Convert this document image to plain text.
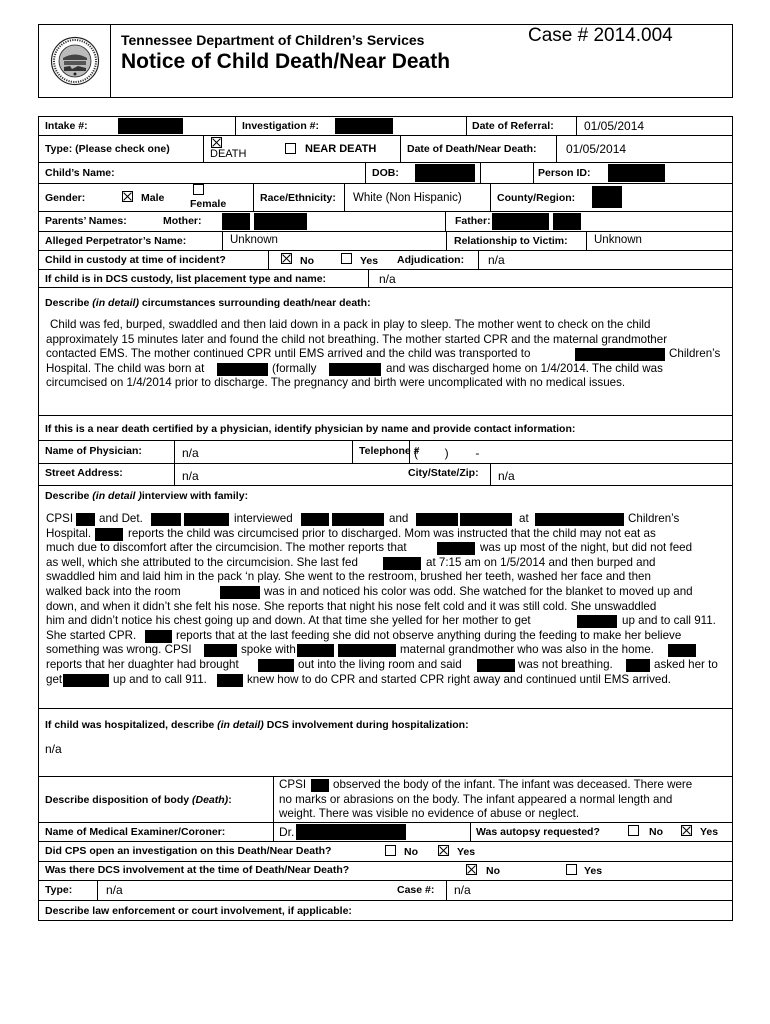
Tennessee Department of Children’s Services
Notice of Child Death/Near Death
Case # 2014.004
Intake #:	Investigation #:	Date of Referral:	01/05/2014
Type: (Please check one)	DEATH	NEAR DEATH	Date of Death/Near Death: 01/05/2014
Child’s Name:	DOB:	Person ID:
Gender:	Male Female	Race/Ethnicity: White (Non Hispanic)	County/Region:
Parents’ Names:	Mother:	Father:
Alleged Perpetrator’s Name:	Unknown	Relationship to Victim: Unknown
Child in custody at time of incident?	No	Yes Adjudication: n/a
If child is in DCS custody, list placement type and name:	n/a
Describe (in detail) circumstances surrounding death/near death:
Child was fed, burped, swaddled and then laid down in a pack in play to sleep. The mother went to check on the child
approximately 15 minutes later and found the child not breathing. The mother started CPR and the maternal grandmother
contacted EMS. The mother continued CPR until EMS arrived and the child was transported to	Children’s
Hospital. The child was born at	(formally	and was discharged home on 1/4/2014. The child was
circumcised on 1/4/2014 prior to discharge. The pregnancy and birth were uncomplicated with no medical issues.
If this is a near death certified by a physician, identify physician by name and provide contact information:
Name of Physician:	n/a	Telephone #
(        )        -
Street Address:	n/a	City/State/Zip: n/a
Describe (in detail )interview with family:
CPSI and Det.	interviewed	and	at	Children’s
Hospital.	reports the child was circumcised prior to discharged. Mom was instructed that the child may not eat as
much due to discomfort after the circumcision. The mother reports that	was up most of the night, but did not feed
as well, which she attributed to the circumcision. She last fed	at 7:15 am on 1/5/2014 and then burped and
swaddled him and laid him in the pack ‘n play. She went to the restroom, brushed her teeth, washed her face and then
walked back into the room	was in and noticed his color was odd. She watched for the blanket to moved up and
down, and when it didn’t she felt his nose. She reports that night his nose felt cold and it was still cold. She unswaddled
him and didn’t notice his chest going up and down. At that time she yelled for her mother to get	up and to call 911.
She started CPR.	reports that at the last feeding she did not observe anything during the feeding to make her believe
something was wrong. CPSI	spoke with	maternal grandmother who was also in the home.
reports that her duaghter had brought	out into the living room and said	was not breathing.	asked her to
get	up and to call 911.	knew how to do CPR and started CPR right away and continued until EMS arrived.
If child was hospitalized, describe (in detail) DCS involvement during hospitalization:
n/a
Describe disposition of body (Death):
CPSI observed the body of the infant. The infant was deceased. There were
no marks or abrasions on the body. The infant appeared a normal length and
weight. There was visible no evidence of abuse or neglect.
Name of Medical Examiner/Coroner:	Dr.	Was autopsy requested?	No	Yes
Did CPS open an investigation on this Death/Near Death?	No	Yes
Was there DCS involvement at the time of Death/Near Death?	No	Yes
Type:	n/a	Case #: n/a
Describe law enforcement or court involvement, if applicable:
